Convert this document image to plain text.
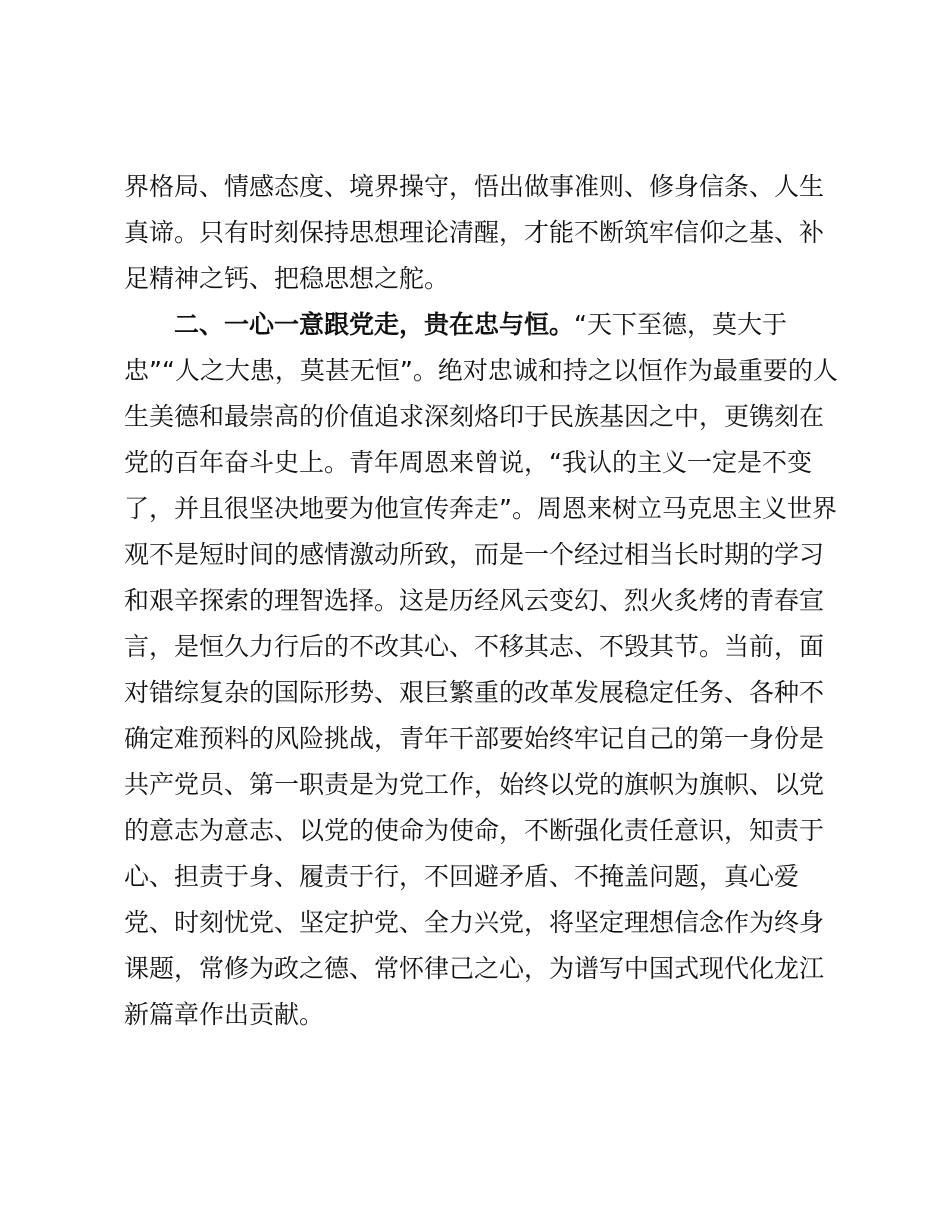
界格局、情感态度、境界操守，悟出做事准则、修身信条、人生
真谛。只有时刻保持思想理论清醒，才能不断筑牢信仰之基、补
足精神之钙、把稳思想之舵。
二、一心一意跟党走，贵在忠与恒。“天下至德，莫大于
忠”“人之大患，莫甚无恒”。绝对忠诚和持之以恒作为最重要的人
生美德和最崇高的价值追求深刻烙印于民族基因之中，更镌刻在
党的百年奋斗史上。青年周恩来曾说，“我认的主义一定是不变
了，并且很坚决地要为他宣传奔走”。周恩来树立马克思主义世界
观不是短时间的感情激动所致，而是一个经过相当长时期的学习
和艰辛探索的理智选择。这是历经风云变幻、烈火炙烤的青春宣
言，是恒久力行后的不改其心、不移其志、不毁其节。当前，面
对错综复杂的国际形势、艰巨繁重的改革发展稳定任务、各种不
确定难预料的风险挑战，青年干部要始终牢记自己的第一身份是
共产党员、第一职责是为党工作，始终以党的旗帜为旗帜、以党
的意志为意志、以党的使命为使命，不断强化责任意识，知责于
心、担责于身、履责于行，不回避矛盾、不掩盖问题，真心爱
党、时刻忧党、坚定护党、全力兴党，将坚定理想信念作为终身
课题，常修为政之德、常怀律己之心，为谱写中国式现代化龙江
新篇章作出贡献。
